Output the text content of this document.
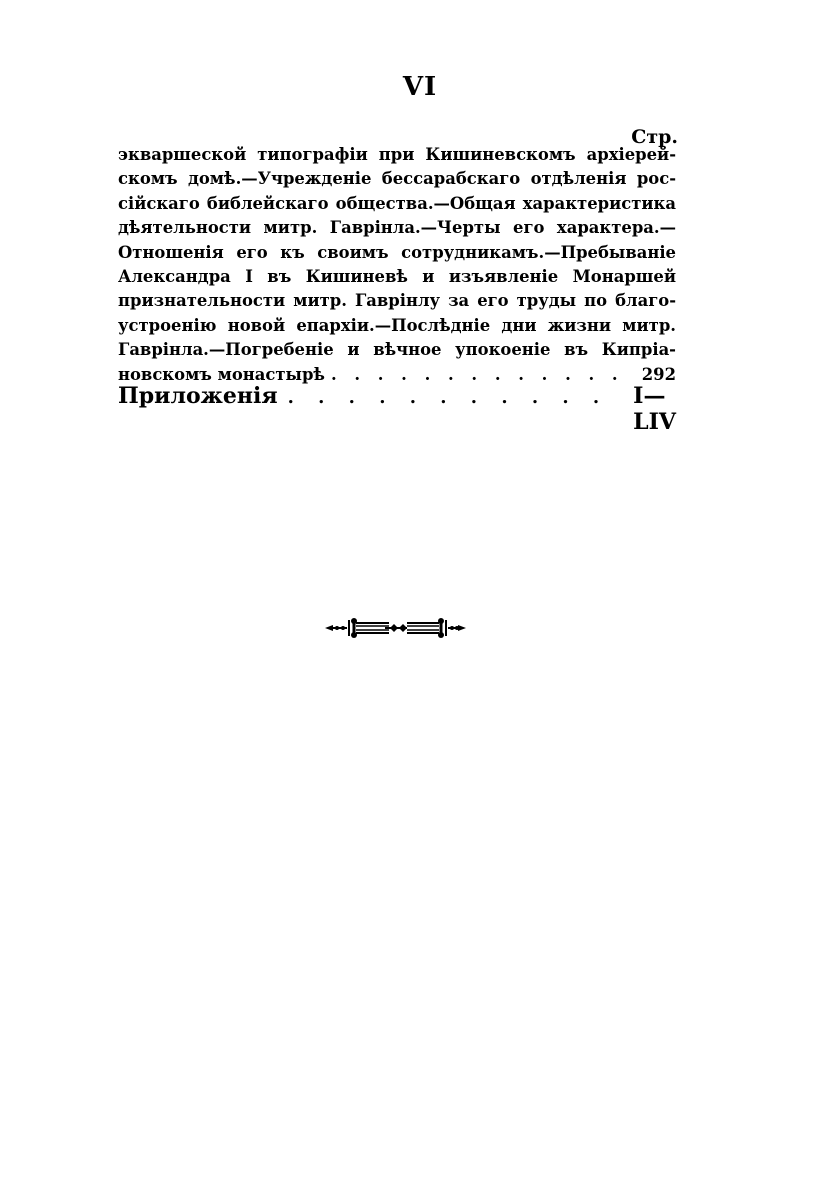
VI
Стр.
экваршеской типографіи при Кишиневскомъ архіерей-
скомъ домѣ.—Учрежденіе бессарабскаго отдѣленія рос-
сійскаго библейскаго общества.—Общая характеристика
дѣятельности митр. Гаврінла.—Черты его характера.—
Отношенія его къ своимъ сотрудникамъ.—Пребываніе
Александра I въ Кишиневѣ и изъявленіе Монаршей
признательности митр. Гаврінлу за его труды по благо-
устроенію новой епархіи.—Послѣдніе дни жизни митр.
Гаврінла.—Погребеніе и вѣчное упокоеніе въ Кипріа-
новскомъ монастырѣ . . .	292
Приложенія . . .	I—LIV
